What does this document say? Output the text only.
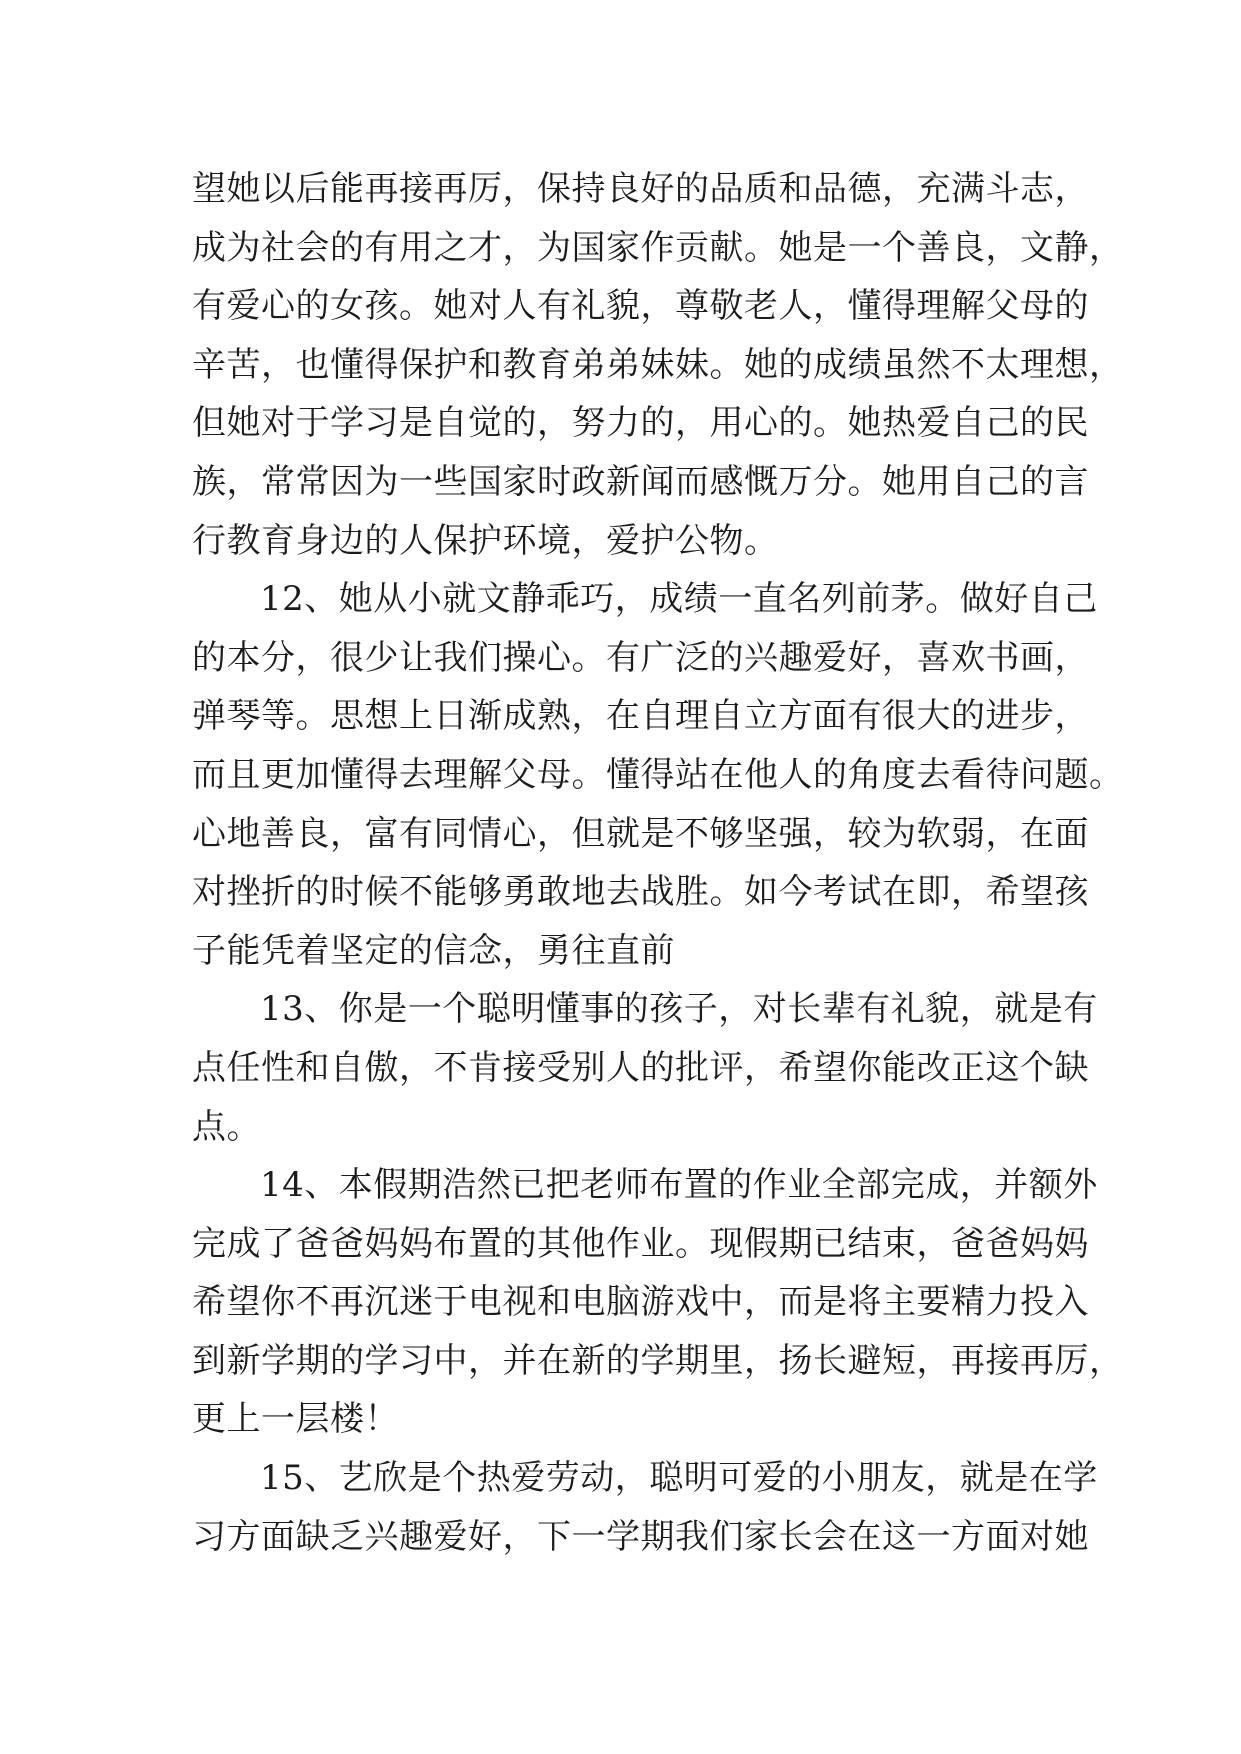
望她以后能再接再厉，保持良好的品质和品德，充满斗志，
成为社会的有用之才，为国家作贡献。她是一个善良，文静，
有爱心的女孩。她对人有礼貌，尊敬老人，懂得理解父母的
辛苦，也懂得保护和教育弟弟妹妹。她的成绩虽然不太理想，
但她对于学习是自觉的，努力的，用心的。她热爱自己的民
族，常常因为一些国家时政新闻而感慨万分。她用自己的言
行教育身边的人保护环境，爱护公物。
12、她从小就文静乖巧，成绩一直名列前茅。做好自己
的本分，很少让我们操心。有广泛的兴趣爱好，喜欢书画，
弹琴等。思想上日渐成熟，在自理自立方面有很大的进步，
而且更加懂得去理解父母。懂得站在他人的角度去看待问题。
心地善良，富有同情心，但就是不够坚强，较为软弱，在面
对挫折的时候不能够勇敢地去战胜。如今考试在即，希望孩
子能凭着坚定的信念，勇往直前
13、你是一个聪明懂事的孩子，对长辈有礼貌，就是有
点任性和自傲，不肯接受别人的批评，希望你能改正这个缺
点。
14、本假期浩然已把老师布置的作业全部完成，并额外
完成了爸爸妈妈布置的其他作业。现假期已结束，爸爸妈妈
希望你不再沉迷于电视和电脑游戏中，而是将主要精力投入
到新学期的学习中，并在新的学期里，扬长避短，再接再厉，
更上一层楼！
15、艺欣是个热爱劳动，聪明可爱的小朋友，就是在学
习方面缺乏兴趣爱好，下一学期我们家长会在这一方面对她
